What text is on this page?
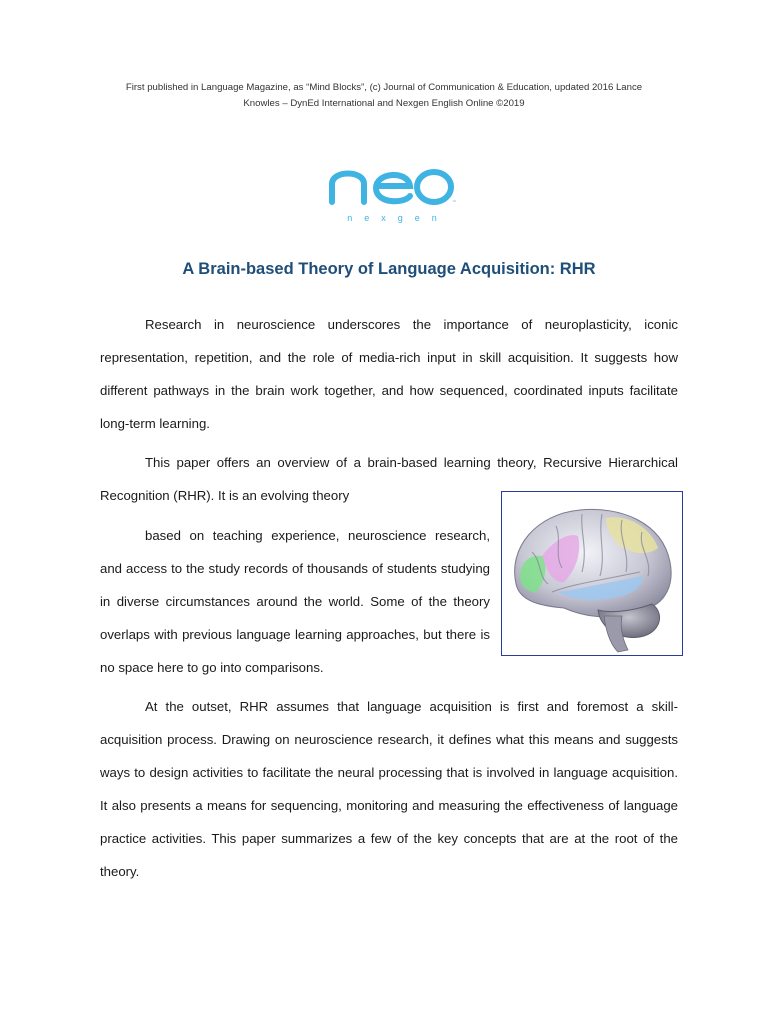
First published in Language Magazine, as “Mind Blocks”, (c) Journal of Communication & Education, updated 2016 Lance
Knowles – DynEd International and Nexgen English Online ©2019
™
nexgen
A Brain-based Theory of Language Acquisition: RHR

Research in neuroscience underscores the importance of neuroplasticity, iconic representation, repetition, and the role of media-rich input in skill acquisition. It suggests how different pathways in the brain work together, and how sequenced, coordinated inputs facilitate long-term learning.

This paper offers an overview of a brain-based learning theory, Recursive Hierarchical Recognition (RHR). It is an evolving theory

based on teaching experience, neuroscience research, and access to the study records of thousands of students studying in diverse circumstances around the world. Some of the theory overlaps with previous language learning approaches, but there is no space here to go into comparisons.

At the outset, RHR assumes that language acquisition is first and foremost a skill-acquisition process. Drawing on neuroscience research, it defines what this means and suggests ways to design activities to facilitate the neural processing that is involved in language acquisition. It also presents a means for sequencing, monitoring and measuring the effectiveness of language practice activities. This paper summarizes a few of the key concepts that are at the root of the theory.
